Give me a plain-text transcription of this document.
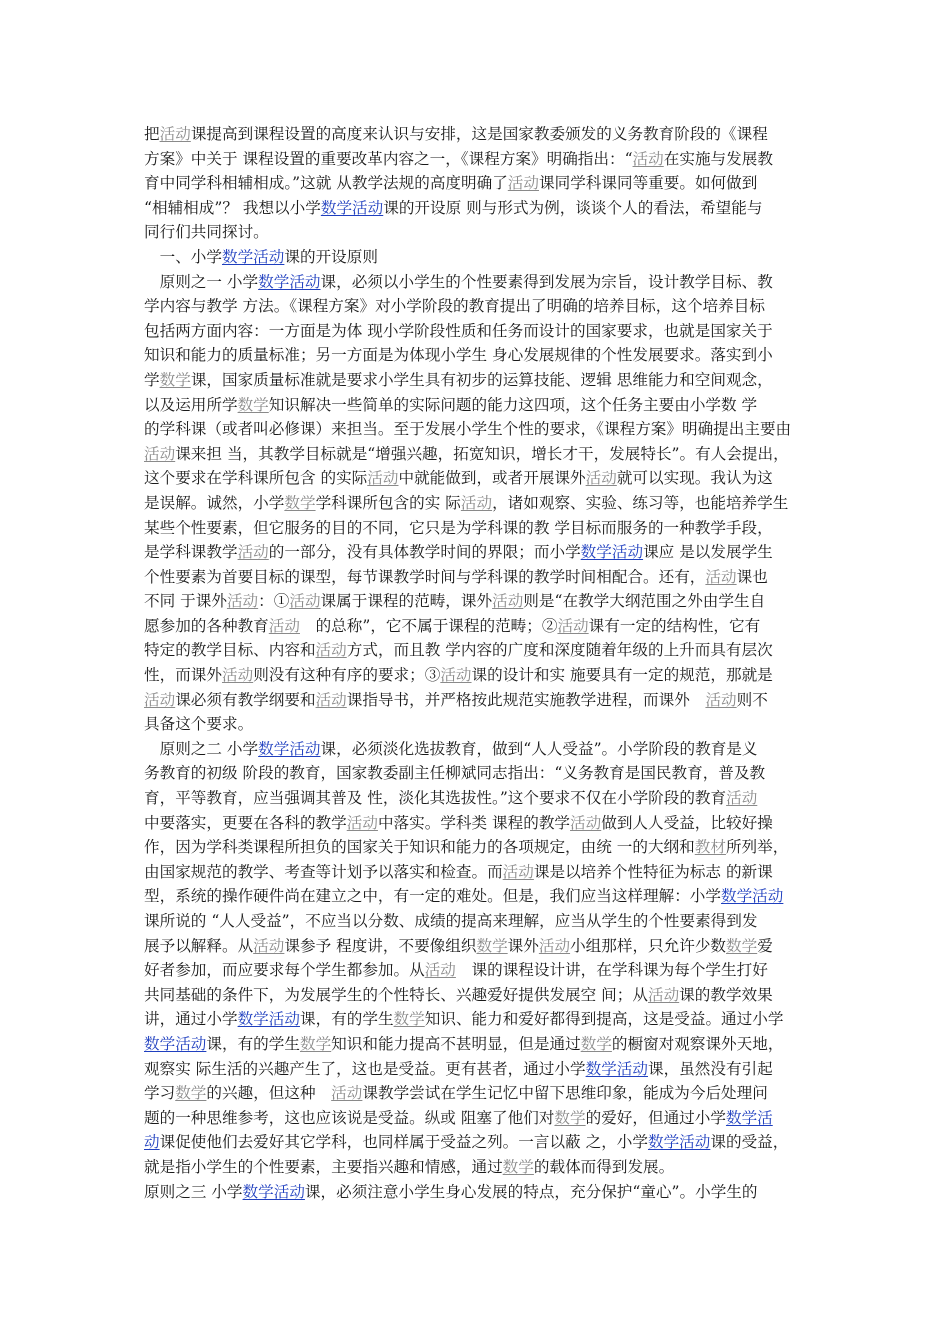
把活动课提高到课程设置的高度来认识与安排，这是国家教委颁发的义务教育阶段的《课程
方案》中关于 课程设置的重要改革内容之一，《课程方案》明确指出：“活动在实施与发展教
育中同学科相辅相成。”这就 从教学法规的高度明确了活动课同学科课同等重要。如何做到
“相辅相成”？ 我想以小学数学活动课的开设原 则与形式为例，谈谈个人的看法，希望能与
同行们共同探讨。
　一、小学数学活动课的开设原则
　原则之一 小学数学活动课，必须以小学生的个性要素得到发展为宗旨，设计教学目标、教
学内容与教学 方法。《课程方案》对小学阶段的教育提出了明确的培养目标，这个培养目标
包括两方面内容：一方面是为体 现小学阶段性质和任务而设计的国家要求，也就是国家关于
知识和能力的质量标准；另一方面是为体现小学生 身心发展规律的个性发展要求。落实到小
学数学课，国家质量标准就是要求小学生具有初步的运算技能、逻辑 思维能力和空间观念，
以及运用所学数学知识解决一些简单的实际问题的能力这四项，这个任务主要由小学数 学
的学科课（或者叫必修课）来担当。至于发展小学生个性的要求，《课程方案》明确提出主要由
活动课来担 当，其教学目标就是“增强兴趣，拓宽知识，增长才干，发展特长”。有人会提出，
这个要求在学科课所包含 的实际活动中就能做到，或者开展课外活动就可以实现。我认为这
是误解。诚然，小学数学学科课所包含的实 际活动，诸如观察、实验、练习等，也能培养学生
某些个性要素，但它服务的目的不同，它只是为学科课的教 学目标而服务的一种教学手段，
是学科课教学活动的一部分，没有具体教学时间的界限；而小学数学活动课应 是以发展学生
个性要素为首要目标的课型，每节课教学时间与学科课的教学时间相配合。还有，活动课也
不同 于课外活动：①活动课属于课程的范畴，课外活动则是“在教学大纲范围之外由学生自
愿参加的各种教育活动　的总称”，它不属于课程的范畴；②活动课有一定的结构性，它有
特定的教学目标、内容和活动方式，而且教 学内容的广度和深度随着年级的上升而具有层次
性，而课外活动则没有这种有序的要求；③活动课的设计和实 施要具有一定的规范，那就是
活动课必须有教学纲要和活动课指导书，并严格按此规范实施教学进程，而课外　活动则不
具备这个要求。
　原则之二 小学数学活动课，必须淡化选拔教育，做到“人人受益”。小学阶段的教育是义
务教育的初级 阶段的教育，国家教委副主任柳斌同志指出：“义务教育是国民教育，普及教
育，平等教育，应当强调其普及 性，淡化其选拔性。”这个要求不仅在小学阶段的教育活动
中要落实，更要在各科的教学活动中落实。学科类 课程的教学活动做到人人受益，比较好操
作，因为学科类课程所担负的国家关于知识和能力的各项规定，由统 一的大纲和教材所列举，
由国家规范的教学、考查等计划予以落实和检查。而活动课是以培养个性特征为标志 的新课
型，系统的操作硬件尚在建立之中，有一定的难处。但是，我们应当这样理解：小学数学活动
课所说的 “人人受益”，不应当以分数、成绩的提高来理解，应当从学生的个性要素得到发
展予以解释。从活动课参予 程度讲，不要像组织数学课外活动小组那样，只允许少数数学爱
好者参加，而应要求每个学生都参加。从活动　课的课程设计讲，在学科课为每个学生打好
共同基础的条件下，为发展学生的个性特长、兴趣爱好提供发展空 间；从活动课的教学效果
讲，通过小学数学活动课，有的学生数学知识、能力和爱好都得到提高，这是受益。通过小学
数学活动课，有的学生数学知识和能力提高不甚明显，但是通过数学的橱窗对观察课外天地，
观察实 际生活的兴趣产生了，这也是受益。更有甚者，通过小学数学活动课，虽然没有引起
学习数学的兴趣，但这种　活动课教学尝试在学生记忆中留下思维印象，能成为今后处理问
题的一种思维参考，这也应该说是受益。纵或 阻塞了他们对数学的爱好，但通过小学数学活
动课促使他们去爱好其它学科，也同样属于受益之列。一言以蔽 之，小学数学活动课的受益，
就是指小学生的个性要素，主要指兴趣和情感，通过数学的载体而得到发展。
原则之三 小学数学活动课，必须注意小学生身心发展的特点，充分保护“童心”。小学生的
